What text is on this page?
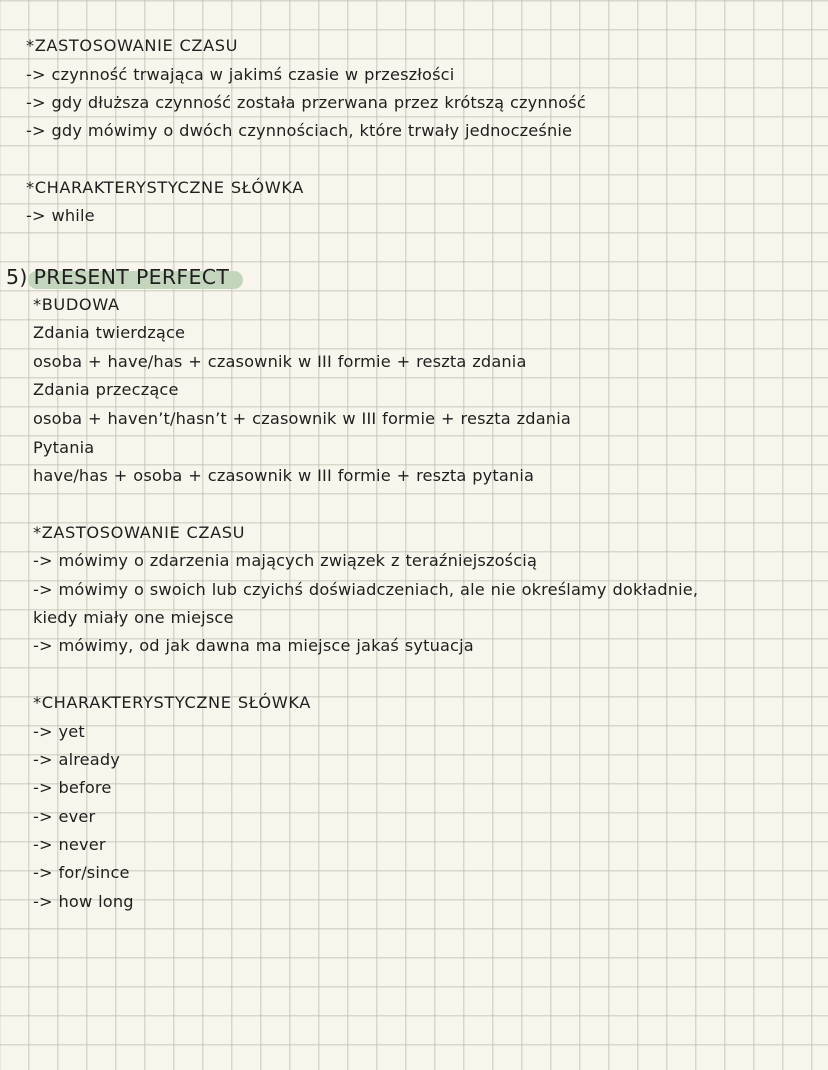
*ZASTOSOWANIE CZASU
-> czynność trwająca w jakimś czasie w przeszłości
-> gdy dłuższa czynność została przerwana przez krótszą czynność
-> gdy mówimy o dwóch czynnościach, które trwały jednocześnie
*CHARAKTERYSTYCZNE SŁÓWKA
-> while
5) PRESENT PERFECT
*BUDOWA
Zdania twierdzące
osoba + have/has + czasownik w III formie + reszta zdania
Zdania przeczące
osoba + haven’t/hasn’t + czasownik w III formie + reszta zdania
Pytania
have/has + osoba + czasownik w III formie + reszta pytania
*ZASTOSOWANIE CZASU
-> mówimy o zdarzenia mających związek z teraźniejszością
-> mówimy o swoich lub czyichś doświadczeniach, ale nie określamy dokładnie,
kiedy miały one miejsce
-> mówimy, od jak dawna ma miejsce jakaś sytuacja
*CHARAKTERYSTYCZNE SŁÓWKA
-> yet
-> already
-> before
-> ever
-> never
-> for/since
-> how long
